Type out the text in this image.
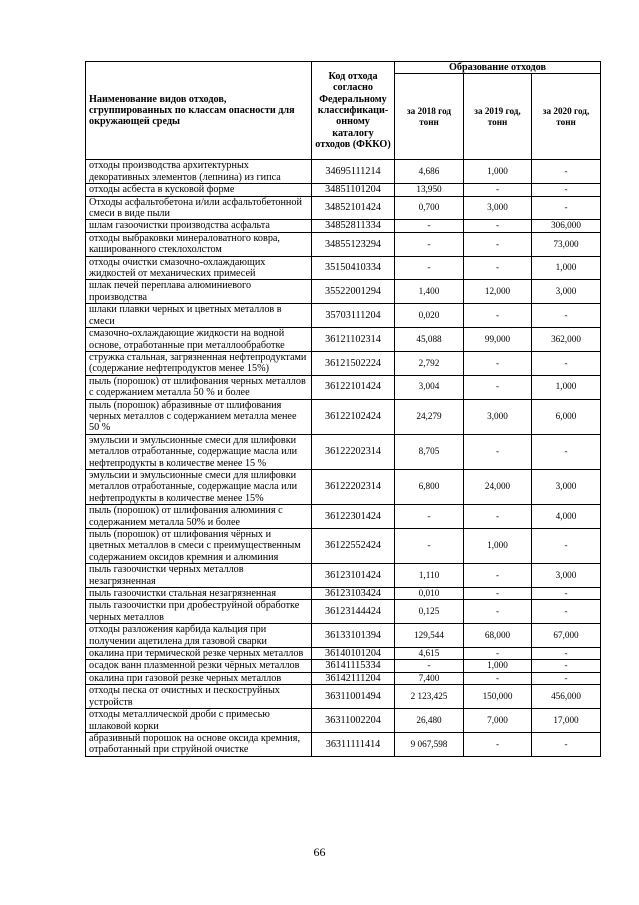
Наименование видов отходов, сгруппированных по классам опасности для окружающей среды	Код отхода согласно Федеральному классификаци-онному каталогу отходов (ФККО)	Образование отходов		
		за 2018 год тонн	за 2019 год, тонн	за 2020 год, тонн
отходы производства архитектурных декоративных элементов (лепнина) из гипса	34695111214	4,686	1,000	-
отходы асбеста в кусковой форме	34851101204	13,950	-	-
Отходы асфальтобетона и/или асфальтобетонной смеси в виде пыли	34852101424	0,700	3,000	-
шлам газоочистки производства асфальта	34852811334	-	-	306,000
отходы выбраковки минераловатного ковра, кашированного стеклохолстом	34855123294	-	-	73,000
отходы очистки смазочно-охлаждающих жидкостей от механических примесей	35150410334	-	-	1,000
шлак печей переплава алюминиевого производства	35522001294	1,400	12,000	3,000
шлаки плавки черных и цветных металлов в смеси	35703111204	0,020	-	-
смазочно-охлаждающие жидкости на водной основе, отработанные при металлообработке	36121102314	45,088	99,000	362,000
стружка стальная, загрязненная нефтепродуктами (содержание нефтепродуктов менее 15%)	36121502224	2,792	-	-
пыль (порошок) от шлифования черных металлов с содержанием металла 50 % и более	36122101424	3,004	-	1,000
пыль (порошок) абразивные от шлифования черных металлов с содержанием металла менее 50 %	36122102424	24,279	3,000	6,000
эмульсии и эмульсионные смеси для шлифовки металлов отработанные, содержащие масла или нефтепродукты в количестве менее 15 %	36122202314	8,705	-	-
эмульсии и эмульсионные смеси для шлифовки металлов отработанные, содержащие масла или нефтепродукты в количестве менее 15%	36122202314	6,800	24,000	3,000
пыль (порошок) от шлифования алюминия с содержанием металла 50% и более	36122301424	-	-	4,000
пыль (порошок) от шлифования чёрных и цветных металлов в смеси с преимущественным содержанием оксидов кремния и алюминия	36122552424	-	1,000	-
пыль газоочистки черных металлов незагрязненная	36123101424	1,110	-	3,000
пыль газоочистки стальная незагрязненная	36123103424	0,010	-	-
пыль газоочистки при дробеструйной обработке черных металлов	36123144424	0,125	-	-
отходы разложения карбида кальция при получении ацетилена для газовой сварки	36133101394	129,544	68,000	67,000
окалина при термической резке черных металлов	36140101204	4,615	-	-
осадок ванн плазменной резки чёрных металлов	36141115334	-	1,000	-
окалина при газовой резке черных металлов	36142111204	7,400	-	-
отходы песка от очистных и пескоструйных устройств	36311001494	2 123,425	150,000	456,000
отходы металлической дроби с примесью шлаковой корки	36311002204	26,480	7,000	17,000
абразивный порошок на основе оксида кремния, отработанный при струйной очистке	36311111414	9 067,598	-	-
66
